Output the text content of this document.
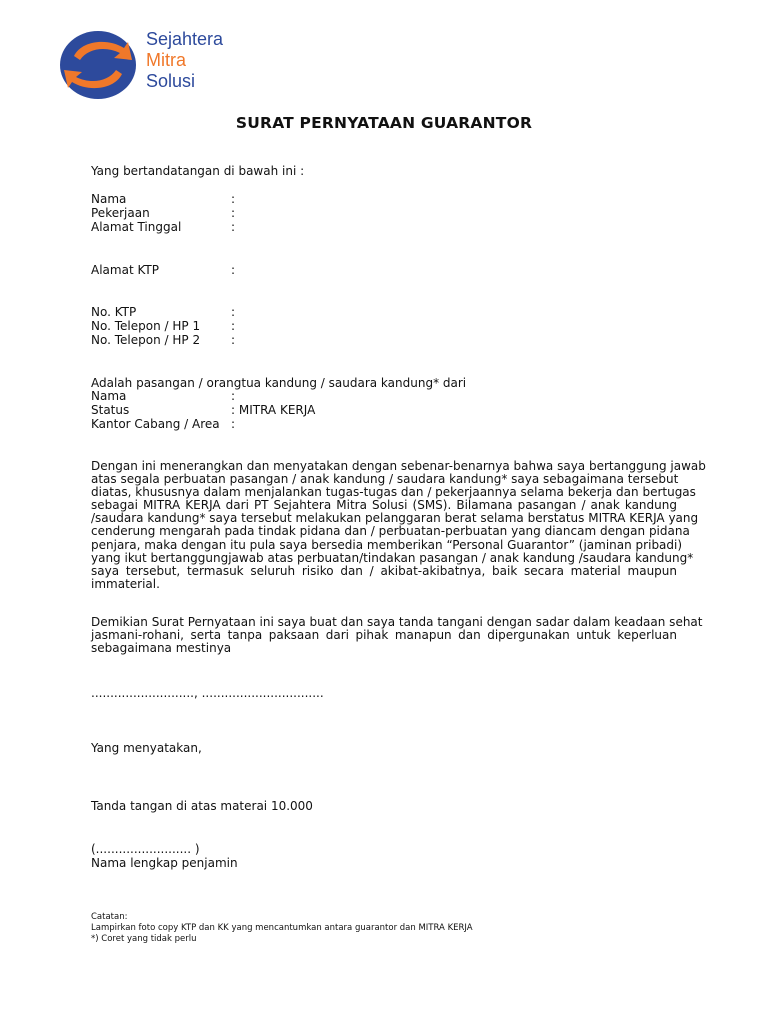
Sejahtera
Mitra
Solusi
SURAT PERNYATAAN GUARANTOR
Yang bertandatangan di bawah ini :
Nama	:
Pekerjaan	:
Alamat Tinggal	:
Alamat KTP	:
No. KTP	:
No. Telepon / HP 1	:
No. Telepon / HP 2	:
Adalah pasangan / orangtua kandung / saudara kandung* dari
Nama	:
Status	: MITRA KERJA
Kantor Cabang / Area :
Dengan ini menerangkan dan menyatakan dengan sebenar-benarnya bahwa saya bertanggung jawab
atas segala perbuatan pasangan / anak kandung / saudara kandung* saya sebagaimana tersebut
diatas, khususnya dalam menjalankan tugas-tugas dan / pekerjaannya selama bekerja dan bertugas
sebagai MITRA KERJA dari PT Sejahtera Mitra Solusi (SMS). Bilamana pasangan / anak kandung
/saudara kandung* saya tersebut melakukan pelanggaran berat selama berstatus MITRA KERJA yang
cenderung mengarah pada tindak pidana dan / perbuatan-perbuatan yang diancam dengan pidana
penjara, maka dengan itu pula saya bersedia memberikan “Personal Guarantor” (jaminan pribadi)
yang ikut bertanggungjawab atas perbuatan/tindakan pasangan / anak kandung /saudara kandung*
saya tersebut, termasuk seluruh risiko dan / akibat-akibatnya, baik secara material maupun
immaterial.
Demikian Surat Pernyataan ini saya buat dan saya tanda tangani dengan sadar dalam keadaan sehat
jasmani-rohani, serta tanpa paksaan dari pihak manapun dan dipergunakan untuk keperluan
sebagaimana mestinya
..........................., ................................
Yang menyatakan,
Tanda tangan di atas materai 10.000
(......................... )
Nama lengkap penjamin
Catatan:
Lampirkan foto copy KTP dan KK yang mencantumkan antara guarantor dan MITRA KERJA
*) Coret yang tidak perlu
